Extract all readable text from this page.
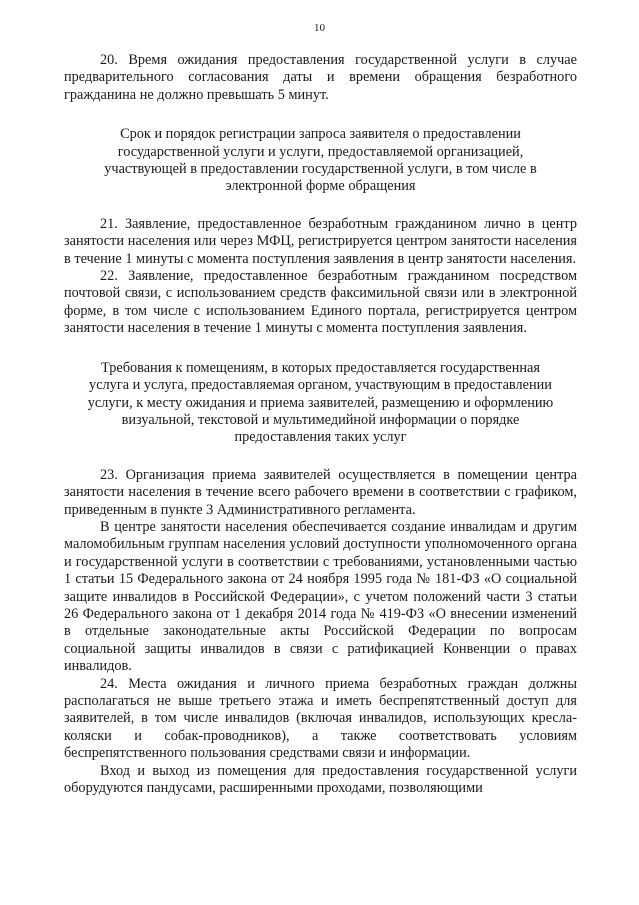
10

20. Время ожидания предоставления государственной услуги в случае предварительного согласования даты и времени обращения безработного гражданина не должно превышать 5 минут.

Срок и порядок регистрации запроса заявителя о предоставлении государственной услуги и услуги, предоставляемой организацией, участвующей в предоставлении государственной услуги, в том числе в электронной форме обращения

21. Заявление, предоставленное безработным гражданином лично в центр занятости населения или через МФЦ, регистрируется центром занятости населения в течение 1 минуты с момента поступления заявления в центр занятости населения.

22. Заявление, предоставленное безработным гражданином посредством почтовой связи, с использованием средств факсимильной связи или в электронной форме, в том числе с использованием Единого портала, регистрируется центром занятости населения в течение 1 минуты с момента поступления заявления.

Требования к помещениям, в которых предоставляется государственная услуга и услуга, предоставляемая органом, участвующим в предоставлении услуги, к месту ожидания и приема заявителей, размещению и оформлению визуальной, текстовой и мультимедийной информации о порядке предоставления таких услуг

23. Организация приема заявителей осуществляется в помещении центра занятости населения в течение всего рабочего времени в соответствии с графиком, приведенным в пункте 3 Административного регламента.

В центре занятости населения обеспечивается создание инвалидам и другим маломобильным группам населения условий доступности уполномоченного органа и государственной услуги в соответствии с требованиями, установленными частью 1 статьи 15 Федерального закона от 24 ноября 1995 года № 181-ФЗ «О социальной защите инвалидов в Российской Федерации», с учетом положений части 3 статьи 26 Федерального закона от 1 декабря 2014 года № 419-ФЗ «О внесении изменений в отдельные законодательные акты Российской Федерации по вопросам социальной защиты инвалидов в связи с ратификацией Конвенции о правах инвалидов.

24. Места ожидания и личного приема безработных граждан должны располагаться не выше третьего этажа и иметь беспрепятственный доступ для заявителей, в том числе инвалидов (включая инвалидов, использующих кресла-коляски и собак-проводников), а также соответствовать условиям беспрепятственного пользования средствами связи и информации.

Вход и выход из помещения для предоставления государственной услуги оборудуются пандусами, расширенными проходами, позволяющими
